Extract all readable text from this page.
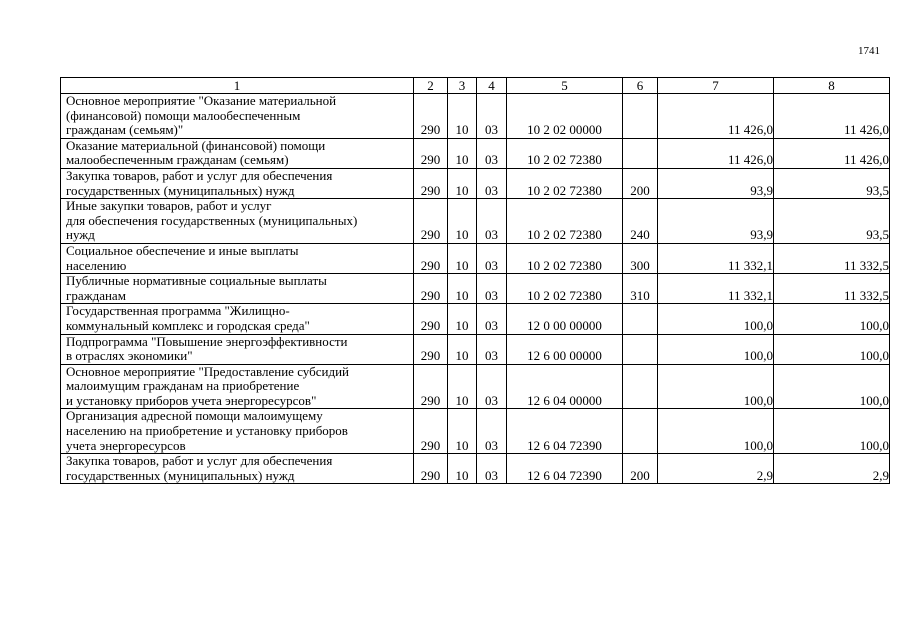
1741
1	2	3	4	5	6	7	8

Основное мероприятие "Оказание материальной
(финансовой) помощи малообеспеченным
гражданам (семьям)"	290	10	03	10 2 02 00000		11 426,0	11 426,0

Оказание материальной (финансовой) помощи
малообеспеченным гражданам (семьям)	290	10	03	10 2 02 72380		11 426,0	11 426,0

Закупка товаров, работ и услуг для обеспечения
государственных (муниципальных) нужд	290	10	03	10 2 02 72380	200	93,9	93,5

Иные закупки товаров, работ и услуг
для обеспечения государственных (муниципальных)
нужд	290	10	03	10 2 02 72380	240	93,9	93,5

Социальное обеспечение и иные выплаты
населению	290	10	03	10 2 02 72380	300	11 332,1	11 332,5

Публичные нормативные социальные выплаты
гражданам	290	10	03	10 2 02 72380	310	11 332,1	11 332,5

Государственная программа "Жилищно-
коммунальный комплекс и городская среда"	290	10	03	12 0 00 00000		100,0	100,0

Подпрограмма "Повышение энергоэффективности
в отраслях экономики"	290	10	03	12 6 00 00000		100,0	100,0

Основное мероприятие "Предоставление субсидий
малоимущим гражданам на приобретение
и установку приборов учета энергоресурсов"	290	10	03	12 6 04 00000		100,0	100,0

Организация адресной помощи малоимущему
населению на приобретение и установку приборов
учета энергоресурсов	290	10	03	12 6 04 72390		100,0	100,0

Закупка товаров, работ и услуг для обеспечения
государственных (муниципальных) нужд	290	10	03	12 6 04 72390	200	2,9	2,9
